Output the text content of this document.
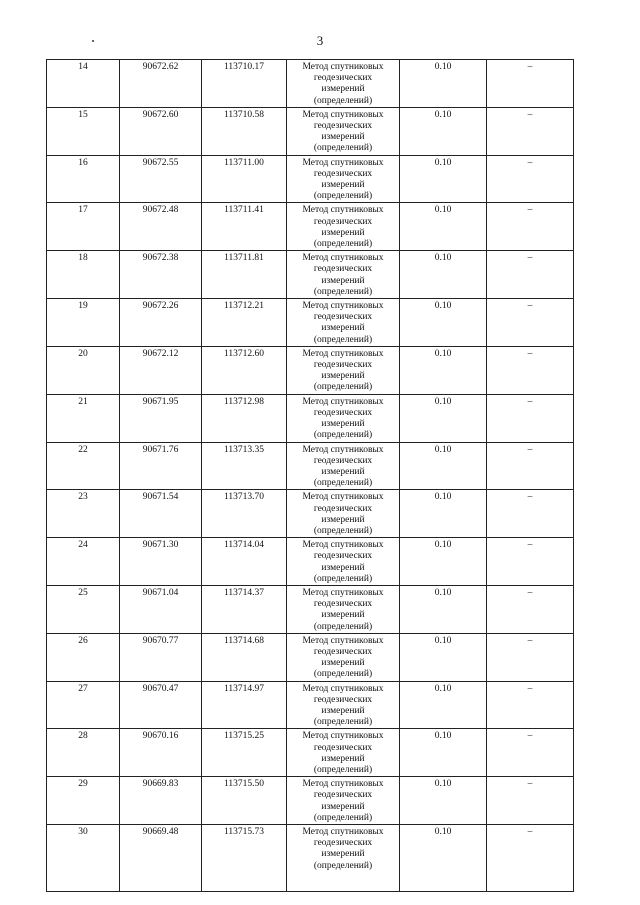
3
14	90672.62	113710.17	Метод спутниковых
геодезических
измерений
(определений)	0.10	–
15	90672.60	113710.58	Метод спутниковых
геодезических
измерений
(определений)	0.10	–
16	90672.55	113711.00	Метод спутниковых
геодезических
измерений
(определений)	0.10	–
17	90672.48	113711.41	Метод спутниковых
геодезических
измерений
(определений)	0.10	–
18	90672.38	113711.81	Метод спутниковых
геодезических
измерений
(определений)	0.10	–
19	90672.26	113712.21	Метод спутниковых
геодезических
измерений
(определений)	0.10	–
20	90672.12	113712.60	Метод спутниковых
геодезических
измерений
(определений)	0.10	–
21	90671.95	113712.98	Метод спутниковых
геодезических
измерений
(определений)	0.10	–
22	90671.76	113713.35	Метод спутниковых
геодезических
измерений
(определений)	0.10	–
23	90671.54	113713.70	Метод спутниковых
геодезических
измерений
(определений)	0.10	–
24	90671.30	113714.04	Метод спутниковых
геодезических
измерений
(определений)	0.10	–
25	90671.04	113714.37	Метод спутниковых
геодезических
измерений
(определений)	0.10	–
26	90670.77	113714.68	Метод спутниковых
геодезических
измерений
(определений)	0.10	–
27	90670.47	113714.97	Метод спутниковых
геодезических
измерений
(определений)	0.10	–
28	90670.16	113715.25	Метод спутниковых
геодезических
измерений
(определений)	0.10	–
29	90669.83	113715.50	Метод спутниковых
геодезических
измерений
(определений)	0.10	–
30	90669.48	113715.73	Метод спутниковых
геодезических
измерений
(определений)	0.10	–
